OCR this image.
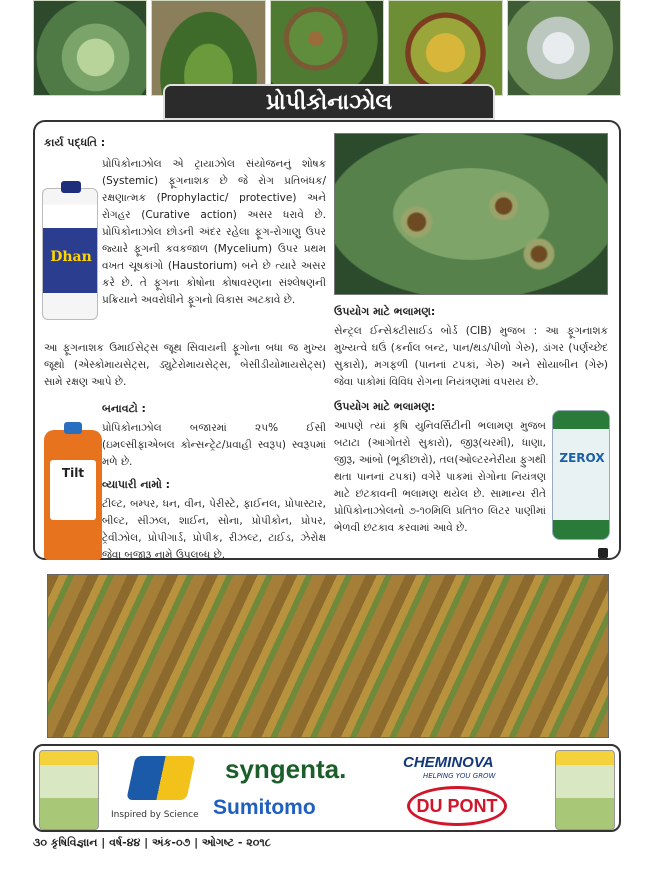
પ્રોપીકોનાઝોલ
કાર્ય પદ્ધતિ :
પ્રોપિકોનાઝોલ એ ટ્રાયાઝોલ સંયોજનનું શોષક (Systemic) ફૂગનાશક છે જે રોગ પ્રતિબંધક/રક્ષણાત્મક (Prophylactic/ protective) અને રોગહર (Curative action) અસર ધરાવે છે. પ્રોપિકોનાઝોલ છોડની અંદર રહેલા ફૂગ-રોગાણુ ઉપર જ્યારે ફૂગની કવકજાળ (Mycelium) ઉપર પ્રથમ વખત ચૂષકાંગો (Haustorium) બને છે ત્યારે અસર કરે છે. તે ફૂગના કોષોના કોષાવરણના સંશ્લેષણની પ્રક્રિયાને અવરોધીને ફૂગનો વિકાસ અટકાવે છે.
આ ફૂગનાશક ઉમાઈસેટ્સ જૂથ સિવાયની ફૂગોના બધા જ મુખ્ય જૂથો (એસ્કોમાયસેટ્સ, ડ્યુટેરોમાયસેટ્સ, બેસીડીયોમાયસેટ્સ) સામે રક્ષણ આપે છે.
Dhan
બનાવટો :
પ્રોપિકોનાઝોલ બજારમાં ૨૫% ઈસી (ઇમલ્સીફાએબલ કોન્સન્ટ્રેટ/પ્રવાહી સ્વરૂપ) સ્વરૂપમાં મળે છે.
વ્યાપારી નામો :
ટીલ્ટ, બમ્પર, ધન, વીન, પેરીસ્ટે, ફાઈનલ, પ્રોપાસ્ટાર, બીલ્ટ, સીઝલ, શાઈન, સોના, પ્રોપીકોન, પ્રોપર, ટ્રેવીઝોલ, પ્રોપીગાર્ડ, પ્રોપીક, રીઝલ્ટ, ટાઈડ, ઝેરોક્ષ જેવા બજારૂ નામે ઉપલબ્ધ છે.
Tilt
ઉપયોગ માટે ભલામણ:
સેન્ટ્રલ ઈન્સેક્ટીસાઈડ બોર્ડ (CIB) મુજબ : આ ફૂગનાશક મુખ્યત્વે ઘઉં (કર્નાલ બન્ટ, પાન/થડ/પીળો ગેરુ), ડાંગર (પર્ણચ્છેદ સુકારો), મગફળી (પાનનાં ટપકાં, ગેરુ) અને સોયાબીન (ગેરુ) જેવા પાકોમાં વિવિધ રોગના નિયંત્રણમાં વપરાય છે.
ઉપયોગ માટે ભલામણ:
આપણે ત્યાં કૃષિ યુનિવર્સિટીની ભલામણ મુજબ બટાટા (આગોતરો સુકારો), જીરૂ(ચરમી), ધાણા, જીરૂ, આંબો (ભૂકીછારો), તલ(ઓલ્ટરનેરીયા ફુગથી થતા પાનનાં ટપકાં) વગેરે પાકમાં રોગોના નિયંત્રણ માટે છંટકાવની ભલામણ થયેલ છે. સામાન્ય રીતે પ્રોપિકોનાઝોલનો ૭-૧૦મિલિ પ્રતિ૧૦ લિટર પાણીમાં ભેળવી છંટકાવ કરવામાં આવે છે.
ZEROX
Inspired by Science
syngenta.
Sumitomo
CHEMINOVA
HELPING YOU GROW
DU PONT
૩૦ કૃષિવિજ્ઞાન | વર્ષ-૪૪ | અંક-૦૭ | ઓગષ્ટ - ૨૦૧૮
